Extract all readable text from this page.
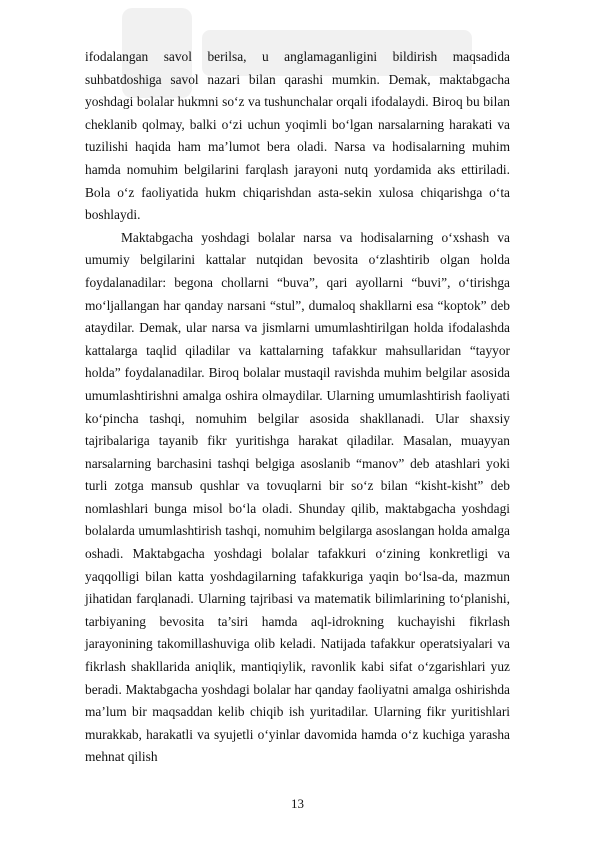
ifodalangan savol berilsa, u anglamaganligini bildirish maqsadida suhbatdoshiga savol nazari bilan qarashi mumkin. Demak, maktabgacha yoshdagi bolalar hukmni so‘z va tushunchalar orqali ifodalaydi. Biroq bu bilan cheklanib qolmay, balki o‘zi uchun yoqimli bo‘lgan narsalarning harakati va tuzilishi haqida ham ma’lumot bera oladi. Narsa va hodisalarning muhim hamda nomuhim belgilarini farqlash jarayoni nutq yordamida aks ettiriladi. Bola o‘z faoliyatida hukm chiqarishdan asta-sekin xulosa chiqarishga o‘ta boshlaydi.

Maktabgacha yoshdagi bolalar narsa va hodisalarning o‘xshash va umumiy belgilarini kattalar nutqidan bevosita o‘zlashtirib olgan holda foydalanadilar: begona chollarni “buva”, qari ayollarni “buvi”, o‘tirishga mo‘ljallangan har qanday narsani “stul”, dumaloq shakllarni esa “koptok” deb ataydilar. Demak, ular narsa va jismlarni umumlashtirilgan holda ifodalashda kattalarga taqlid qiladilar va kattalarning tafakkur mahsullaridan “tayyor holda” foydalanadilar. Biroq bolalar mustaqil ravishda muhim belgilar asosida umumlashtirishni amalga oshira olmaydilar. Ularning umumlashtirish faoliyati ko‘pincha tashqi, nomuhim belgilar asosida shakllanadi. Ular shaxsiy tajribalariga tayanib fikr yuritishga harakat qiladilar. Masalan, muayyan narsalarning barchasini tashqi belgiga asoslanib “manov” deb atashlari yoki turli zotga mansub qushlar va tovuqlarni bir so‘z bilan “kisht-kisht” deb nomlashlari bunga misol bo‘la oladi. Shunday qilib, maktabgacha yoshdagi bolalarda umumlashtirish tashqi, nomuhim belgilarga asoslangan holda amalga oshadi. Maktabgacha yoshdagi bolalar tafakkuri o‘zining konkretligi va yaqqolligi bilan katta yoshdagilarning tafakkuriga yaqin bo‘lsa-da, mazmun jihatidan farqlanadi. Ularning tajribasi va matematik bilimlarining to‘planishi, tarbiyaning bevosita ta’siri hamda aql-idrokning kuchayishi fikrlash jarayonining takomillashuviga olib keladi. Natijada tafakkur operatsiyalari va fikrlash shakllarida aniqlik, mantiqiylik, ravonlik kabi sifat o‘zgarishlari yuz beradi. Maktabgacha yoshdagi bolalar har qanday faoliyatni amalga oshirishda ma’lum bir maqsaddan kelib chiqib ish yuritadilar. Ularning fikr yuritishlari murakkab, harakatli va syujetli o‘yinlar davomida hamda o‘z kuchiga yarasha mehnat qilish

13
